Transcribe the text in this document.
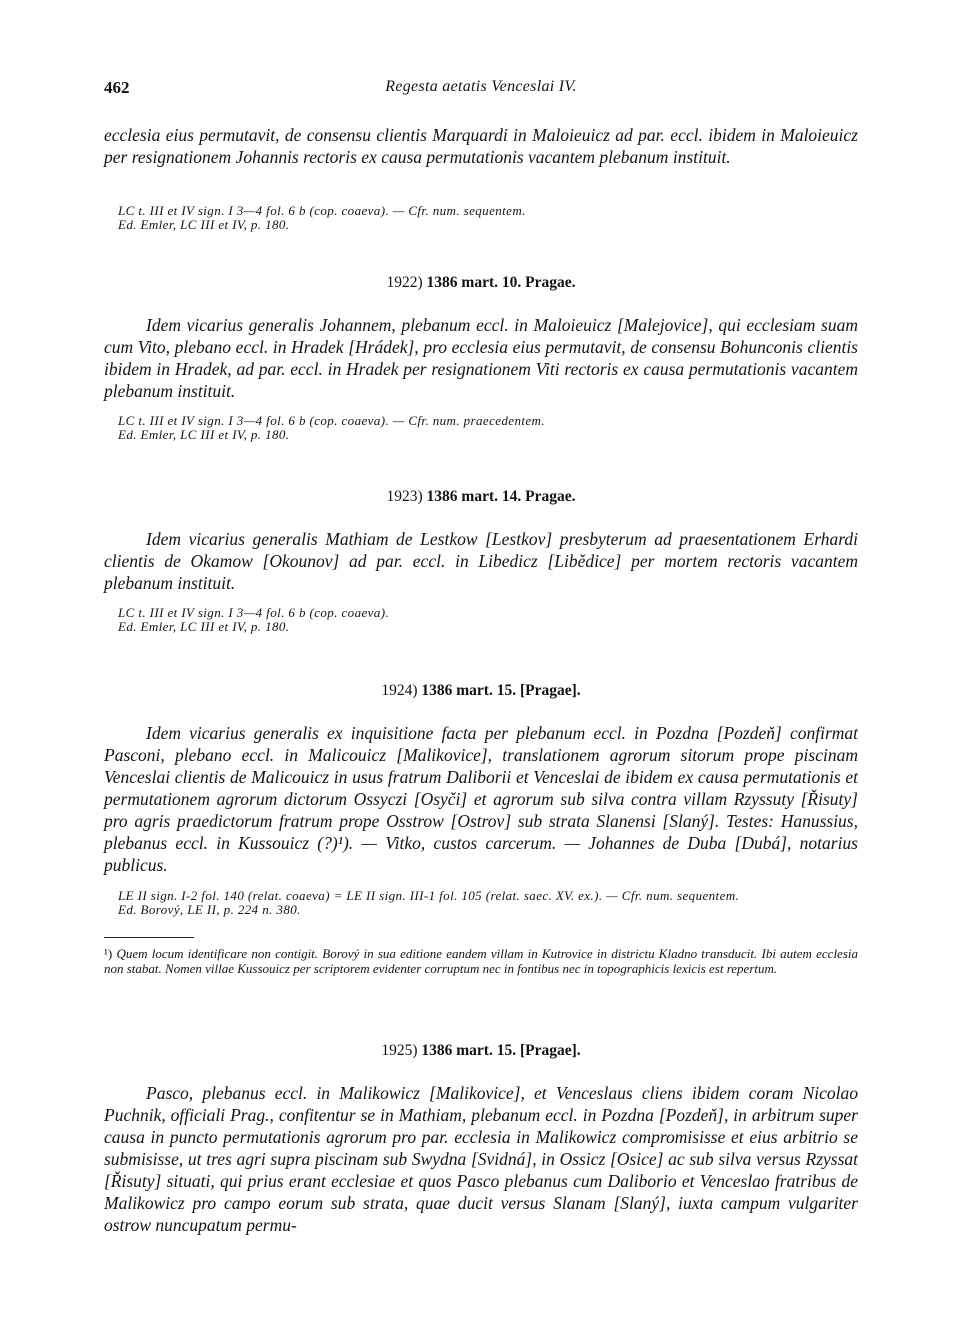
462	Regesta aetatis Venceslai IV.

ecclesia eius permutavit, de consensu clientis Marquardi in Maloieuicz ad par. eccl. ibidem in Maloieuicz per resignationem Johannis rectoris ex causa permutationis vacantem plebanum instituit.

LC t. III et IV sign. I 3—4 fol. 6 b (cop. coaeva). — Cfr. num. sequentem.
Ed. Emler, LC III et IV, p. 180.
1922) 1386 mart. 10. Pragae.

Idem vicarius generalis Johannem, plebanum eccl. in Maloieuicz [Malejovice], qui ecclesiam suam cum Vito, plebano eccl. in Hradek [Hrádek], pro ecclesia eius permutavit, de consensu Bohunconis clientis ibidem in Hradek, ad par. eccl. in Hradek per resignationem Viti rectoris ex causa permutationis vacantem plebanum instituit.

LC t. III et IV sign. I 3—4 fol. 6 b (cop. coaeva). — Cfr. num. praecedentem.
Ed. Emler, LC III et IV, p. 180.
1923) 1386 mart. 14. Pragae.

Idem vicarius generalis Mathiam de Lestkow [Lestkov] presbyterum ad praesentationem Erhardi clientis de Okamow [Okounov] ad par. eccl. in Libedicz [Libědice] per mortem rectoris vacantem plebanum instituit.

LC t. III et IV sign. I 3—4 fol. 6 b (cop. coaeva).
Ed. Emler, LC III et IV, p. 180.
1924) 1386 mart. 15. [Pragae].

Idem vicarius generalis ex inquisitione facta per plebanum eccl. in Pozdna [Pozdeň] confirmat Pasconi, plebano eccl. in Malicouicz [Malikovice], translationem agrorum sitorum prope piscinam Venceslai clientis de Malicouicz in usus fratrum Daliborii et Venceslai de ibidem ex causa permutationis et permutationem agrorum dictorum Ossyczi [Osyči] et agrorum sub silva contra villam Rzyssuty [Řisuty] pro agris praedictorum fratrum prope Osstrow [Ostrov] sub strata Slanensi [Slaný]. Testes: Hanussius, plebanus eccl. in Kussouicz (?)¹). — Vitko, custos carcerum. — Johannes de Duba [Dubá], notarius publicus.

LE II sign. I-2 fol. 140 (relat. coaeva) = LE II sign. III-1 fol. 105 (relat. saec. XV. ex.). — Cfr. num. sequentem.
Ed. Borový, LE II, p. 224 n. 380.
¹) Quem locum identificare non contigit. Borový in sua editione eandem villam in Kutrovice in districtu Kladno transducit. Ibi autem ecclesia non stabat. Nomen villae Kussouicz per scriptorem evidenter corruptum nec in fontibus nec in topographicis lexicis est repertum.
1925) 1386 mart. 15. [Pragae].

Pasco, plebanus eccl. in Malikowicz [Malikovice], et Venceslaus cliens ibidem coram Nicolao Puchnik, officiali Prag., confitentur se in Mathiam, plebanum eccl. in Pozdna [Pozdeň], in arbitrum super causa in puncto permutationis agrorum pro par. ecclesia in Malikowicz compromisisse et eius arbitrio se submisisse, ut tres agri supra piscinam sub Swydna [Svidná], in Ossicz [Osice] ac sub silva versus Rzyssat [Řisuty] situati, qui prius erant ecclesiae et quos Pasco plebanus cum Daliborio et Venceslao fratribus de Malikowicz pro campo eorum sub strata, quae ducit versus Slanam [Slaný], iuxta campum vulgariter ostrow nuncupatum permu-
